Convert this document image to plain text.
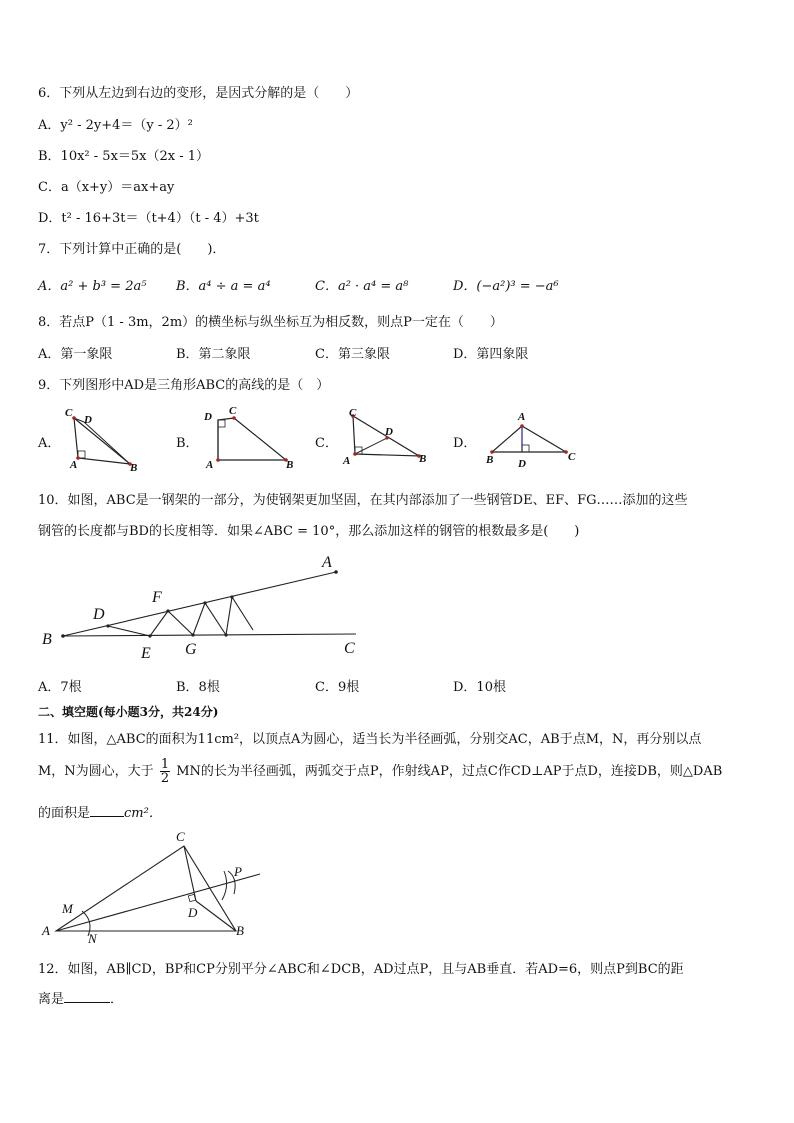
6．下列从左边到右边的变形，是因式分解的是（　　）
A．y² - 2y+4＝（y - 2）²
B．10x² - 5x＝5x（2x - 1）
C．a（x+y）＝ax+ay
D．t² - 16+3t＝（t+4）（t - 4）+3t
7．下列计算中正确的是(　　)．
A．a² + b³ = 2a⁵ B．a⁴ ÷ a = a⁴	C．a² · a⁴ = a⁸	D．(−a²)³ = −a⁶
8．若点P（1 - 3m，2m）的横坐标与纵坐标互为相反数，则点P一定在（　　）
A．第一象限	B．第二象限	C．第三象限	D．第四象限
9．下列图形中AD是三角形ABC的高线的是（　）
A．	B．	C．	D．
C
D
A	B
D C
A	B
C
D
A	B
A
B D
C
10．如图，ABC是一钢架的一部分，为使钢架更加坚固，在其内部添加了一些钢管DE、EF、FG……添加的这些
钢管的长度都与BD的长度相等．如果∠ABC = 10°，那么添加这样的钢管的根数最多是(　　)
A
B
C
D
E
F
G
A．7根	B．8根	C．9根	D．10根
二、填空题(每小题3分，共24分)
11．如图，△ABC的面积为11cm²，以顶点A为圆心，适当长为半径画弧，分别交AC，AB于点M，N，再分别以点
M，N为圆心，大于 $\frac{1}{2}$ MN的长为半径画弧，两弧交于点P，作射线AP，过点C作CD⊥AP于点D，连接DB，则△DAB
的面积是	cm²．
C
D
P
M
A
N
B
12．如图，AB∥CD，BP和CP分别平分∠ABC和∠DCB，AD过点P，且与AB垂直．若AD=6，则点P到BC的距
离是	．
